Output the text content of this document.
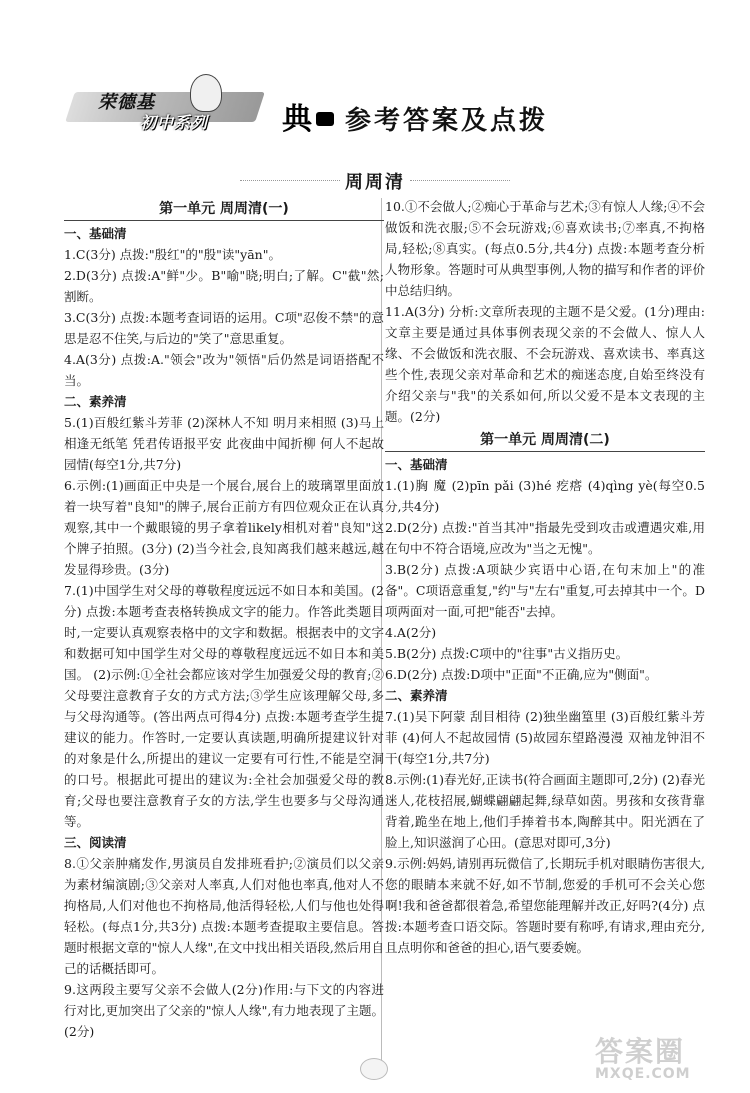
荣德基
初中系列 典 参考答案及点拨
周周清
第一单元 周周清(一)
一、基础清

1.C(3分) 点拨:"殷红"的"殷"读"yān"。

2.D(3分) 点拨:A"鲜"少。B"喻"晓;明白;了解。C"截"然;割断。

3.C(3分) 点拨:本题考查词语的运用。C项"忍俊不禁"的意思是忍不住笑,与后边的"笑了"意思重复。

4.A(3分) 点拨:A."领会"改为"领悟"后仍然是词语搭配不当。

二、素养清

5.(1)百般红紫斗芳菲 (2)深林人不知 明月来相照 (3)马上相逢无纸笔 凭君传语报平安 此夜曲中闻折柳 何人不起故园情(每空1分,共7分)

6.示例:(1)画面正中央是一个展台,展台上的玻璃罩里面放着一块写着"良知"的牌子,展台正前方有四位观众正在认真观察,其中一个戴眼镜的男子拿着likely相机对着"良知"这个牌子拍照。(3分) (2)当今社会,良知离我们越来越远,越发显得珍贵。(3分)

7.(1)中国学生对父母的尊敬程度远远不如日本和美国。(2分) 点拨:本题考查表格转换成文字的能力。作答此类题目时,一定要认真观察表格中的文字和数据。根据表中的文字和数据可知中国学生对父母的尊敬程度远远不如日本和美国。 (2)示例:①全社会都应该对学生加强爱父母的教育;②父母要注意教育子女的方式方法;③学生应该理解父母,多与父母沟通等。(答出两点可得4分) 点拨:本题考查学生提建议的能力。作答时,一定要认真读题,明确所提建议针对的对象是什么,所提出的建议一定要有可行性,不能是空洞的口号。根据此可提出的建议为:全社会加强爱父母的教育;父母也要注意教育子女的方法,学生也要多与父母沟通等。

三、阅读清

8.①父亲肿痛发作,男演员自发排班看护;②演员们以父亲为素材编演剧;③父亲对人率真,人们对他也率真,他对人不拘格局,人们对他也不拘格局,他活得轻松,人们与他也处得轻松。(每点1分,共3分) 点拨:本题考查提取主要信息。答题时根据文章的"惊人人缘",在文中找出相关语段,然后用自己的话概括即可。

9.这两段主要写父亲不会做人(2分)作用:与下文的内容进行对比,更加突出了父亲的"惊人人缘",有力地表现了主题。(2分)

10.①不会做人;②痴心于革命与艺术;③有惊人人缘;④不会做饭和洗衣服;⑤不会玩游戏;⑥喜欢读书;⑦率真,不拘格局,轻松;⑧真实。(每点0.5分,共4分) 点拨:本题考查分析人物形象。答题时可从典型事例,人物的描写和作者的评价中总结归纳。

11.A(3分) 分析:文章所表现的主题不是父爱。(1分)理由:文章主要是通过具体事例表现父亲的不会做人、惊人人缘、不会做饭和洗衣服、不会玩游戏、喜欢读书、率真这些个性,表现父亲对革命和艺术的痴迷态度,自始至终没有介绍父亲与"我"的关系如何,所以父爱不是本文表现的主题。(2分)

第一单元 周周清(二)
一、基础清

1.(1)胸 魔 (2)pīn pǎi (3)hé 疙瘩 (4)qìng yè(每空0.5分,共4分)

2.D(2分) 点拨:"首当其冲"指最先受到攻击或遭遇灾难,用在句中不符合语境,应改为"当之无愧"。

3.B(2分) 点拨:A项缺少宾语中心语,在句末加上"的准备"。C项语意重复,"约"与"左右"重复,可去掉其中一个。D项两面对一面,可把"能否"去掉。

4.A(2分)

5.B(2分) 点拨:C项中的"往事"古义指历史。

6.D(2分) 点拨:D项中"正面"不正确,应为"侧面"。

二、素养清

7.(1)吴下阿蒙 刮目相待 (2)独坐幽篁里 (3)百般红紫斗芳菲 (4)何人不起故园情 (5)故园东望路漫漫 双袖龙钟泪不干(每空1分,共7分)

8.示例:(1)春光好,正读书(符合画面主题即可,2分) (2)春光迷人,花枝招展,蝴蝶翩翩起舞,绿草如茵。男孩和女孩背靠背着,跪坐在地上,他们手捧着书本,陶醉其中。阳光洒在了脸上,知识滋润了心田。(意思对即可,3分)

9.示例:妈妈,请别再玩微信了,长期玩手机对眼睛伤害很大,您的眼睛本来就不好,如不节制,您爱的手机可不会关心您啊!我和爸爸都很着急,希望您能理解并改正,好吗?(4分) 点拨:本题考查口语交际。答题时要有称呼,有请求,理由充分,且点明你和爸爸的担心,语气要委婉。

答案圈
MXQE.COM
